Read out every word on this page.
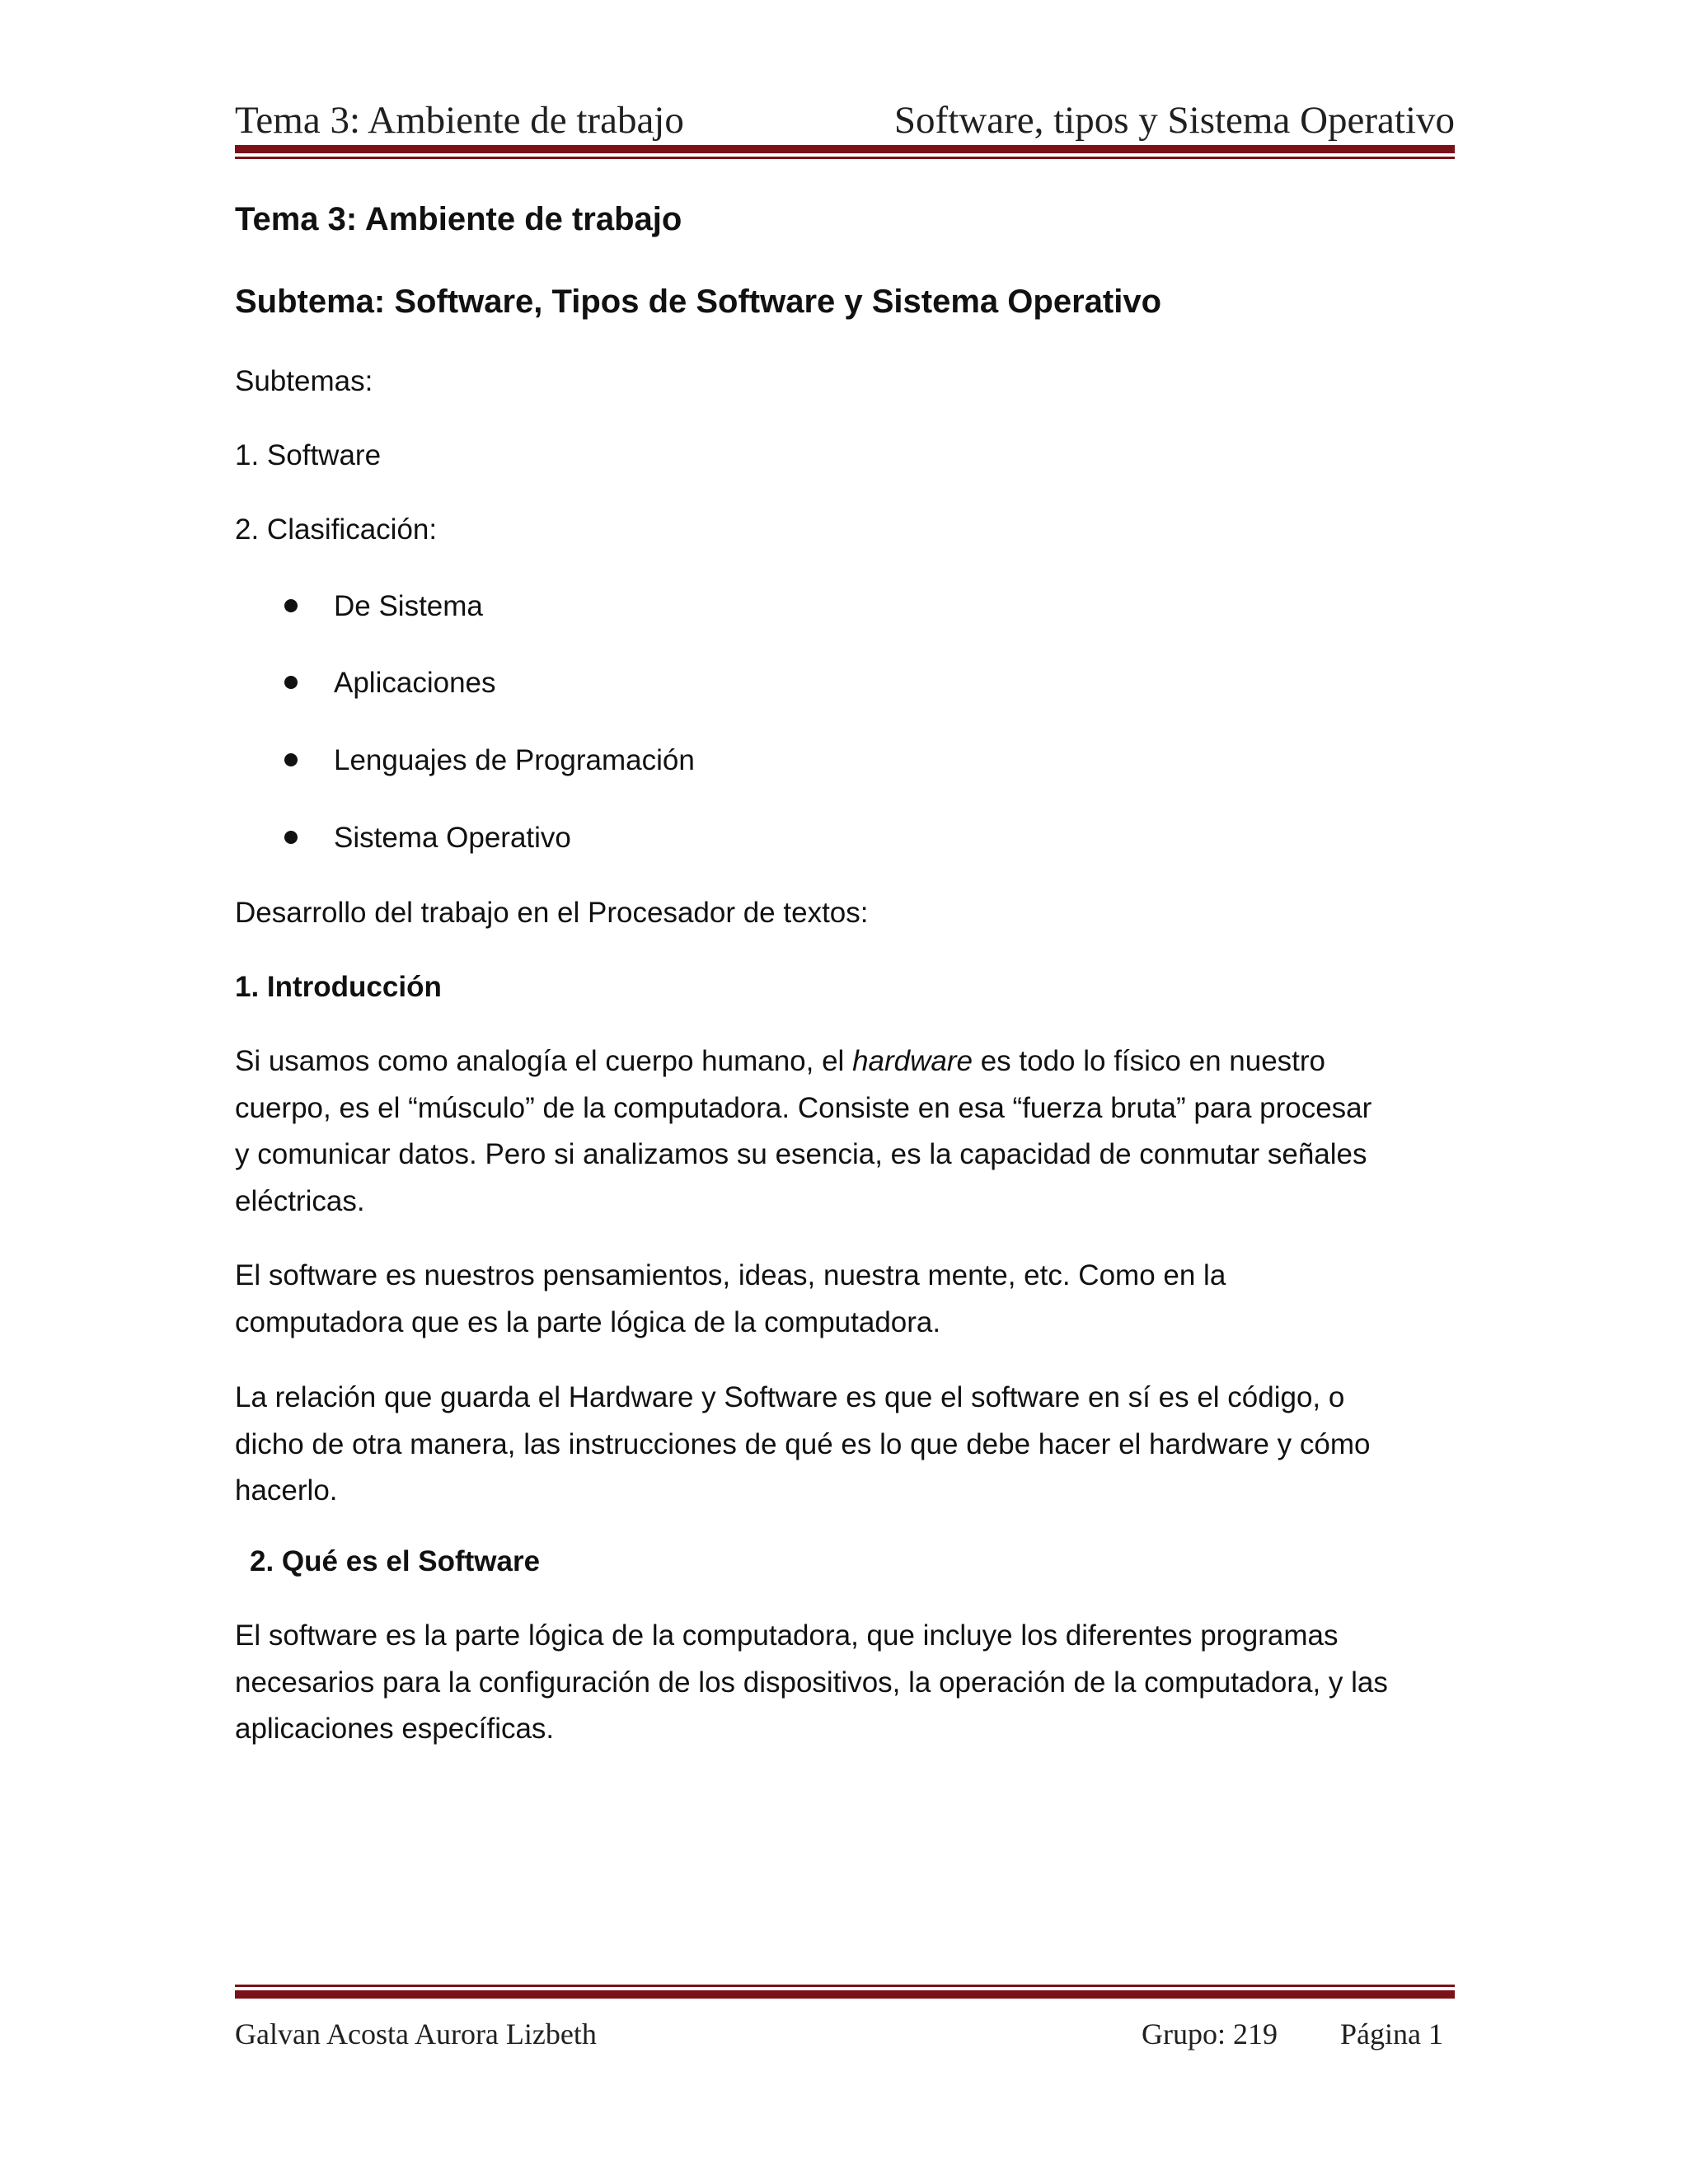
Tema 3: Ambiente de trabajo	Software, tipos y Sistema Operativo
Tema 3: Ambiente de trabajo
Subtema: Software, Tipos de Software y Sistema Operativo
Subtemas:
1. Software
2. Clasificación:
De Sistema
Aplicaciones
Lenguajes de Programación
Sistema Operativo
Desarrollo del trabajo en el Procesador de textos:
1. Introducción
Si usamos como analogía el cuerpo humano, el hardware es todo lo físico en nuestro
cuerpo, es el “músculo” de la computadora. Consiste en esa “fuerza bruta” para procesar
y comunicar datos. Pero si analizamos su esencia, es la capacidad de conmutar señales
eléctricas.
El software es nuestros pensamientos, ideas, nuestra mente, etc. Como en la
computadora que es la parte lógica de la computadora.
La relación que guarda el Hardware y Software es que el software en sí es el código, o
dicho de otra manera, las instrucciones de qué es lo que debe hacer el hardware y cómo
hacerlo.
2. Qué es el Software
El software es la parte lógica de la computadora, que incluye los diferentes programas
necesarios para la configuración de los dispositivos, la operación de la computadora, y las
aplicaciones específicas.
Galvan Acosta Aurora Lizbeth	Grupo: 219 Página 1
